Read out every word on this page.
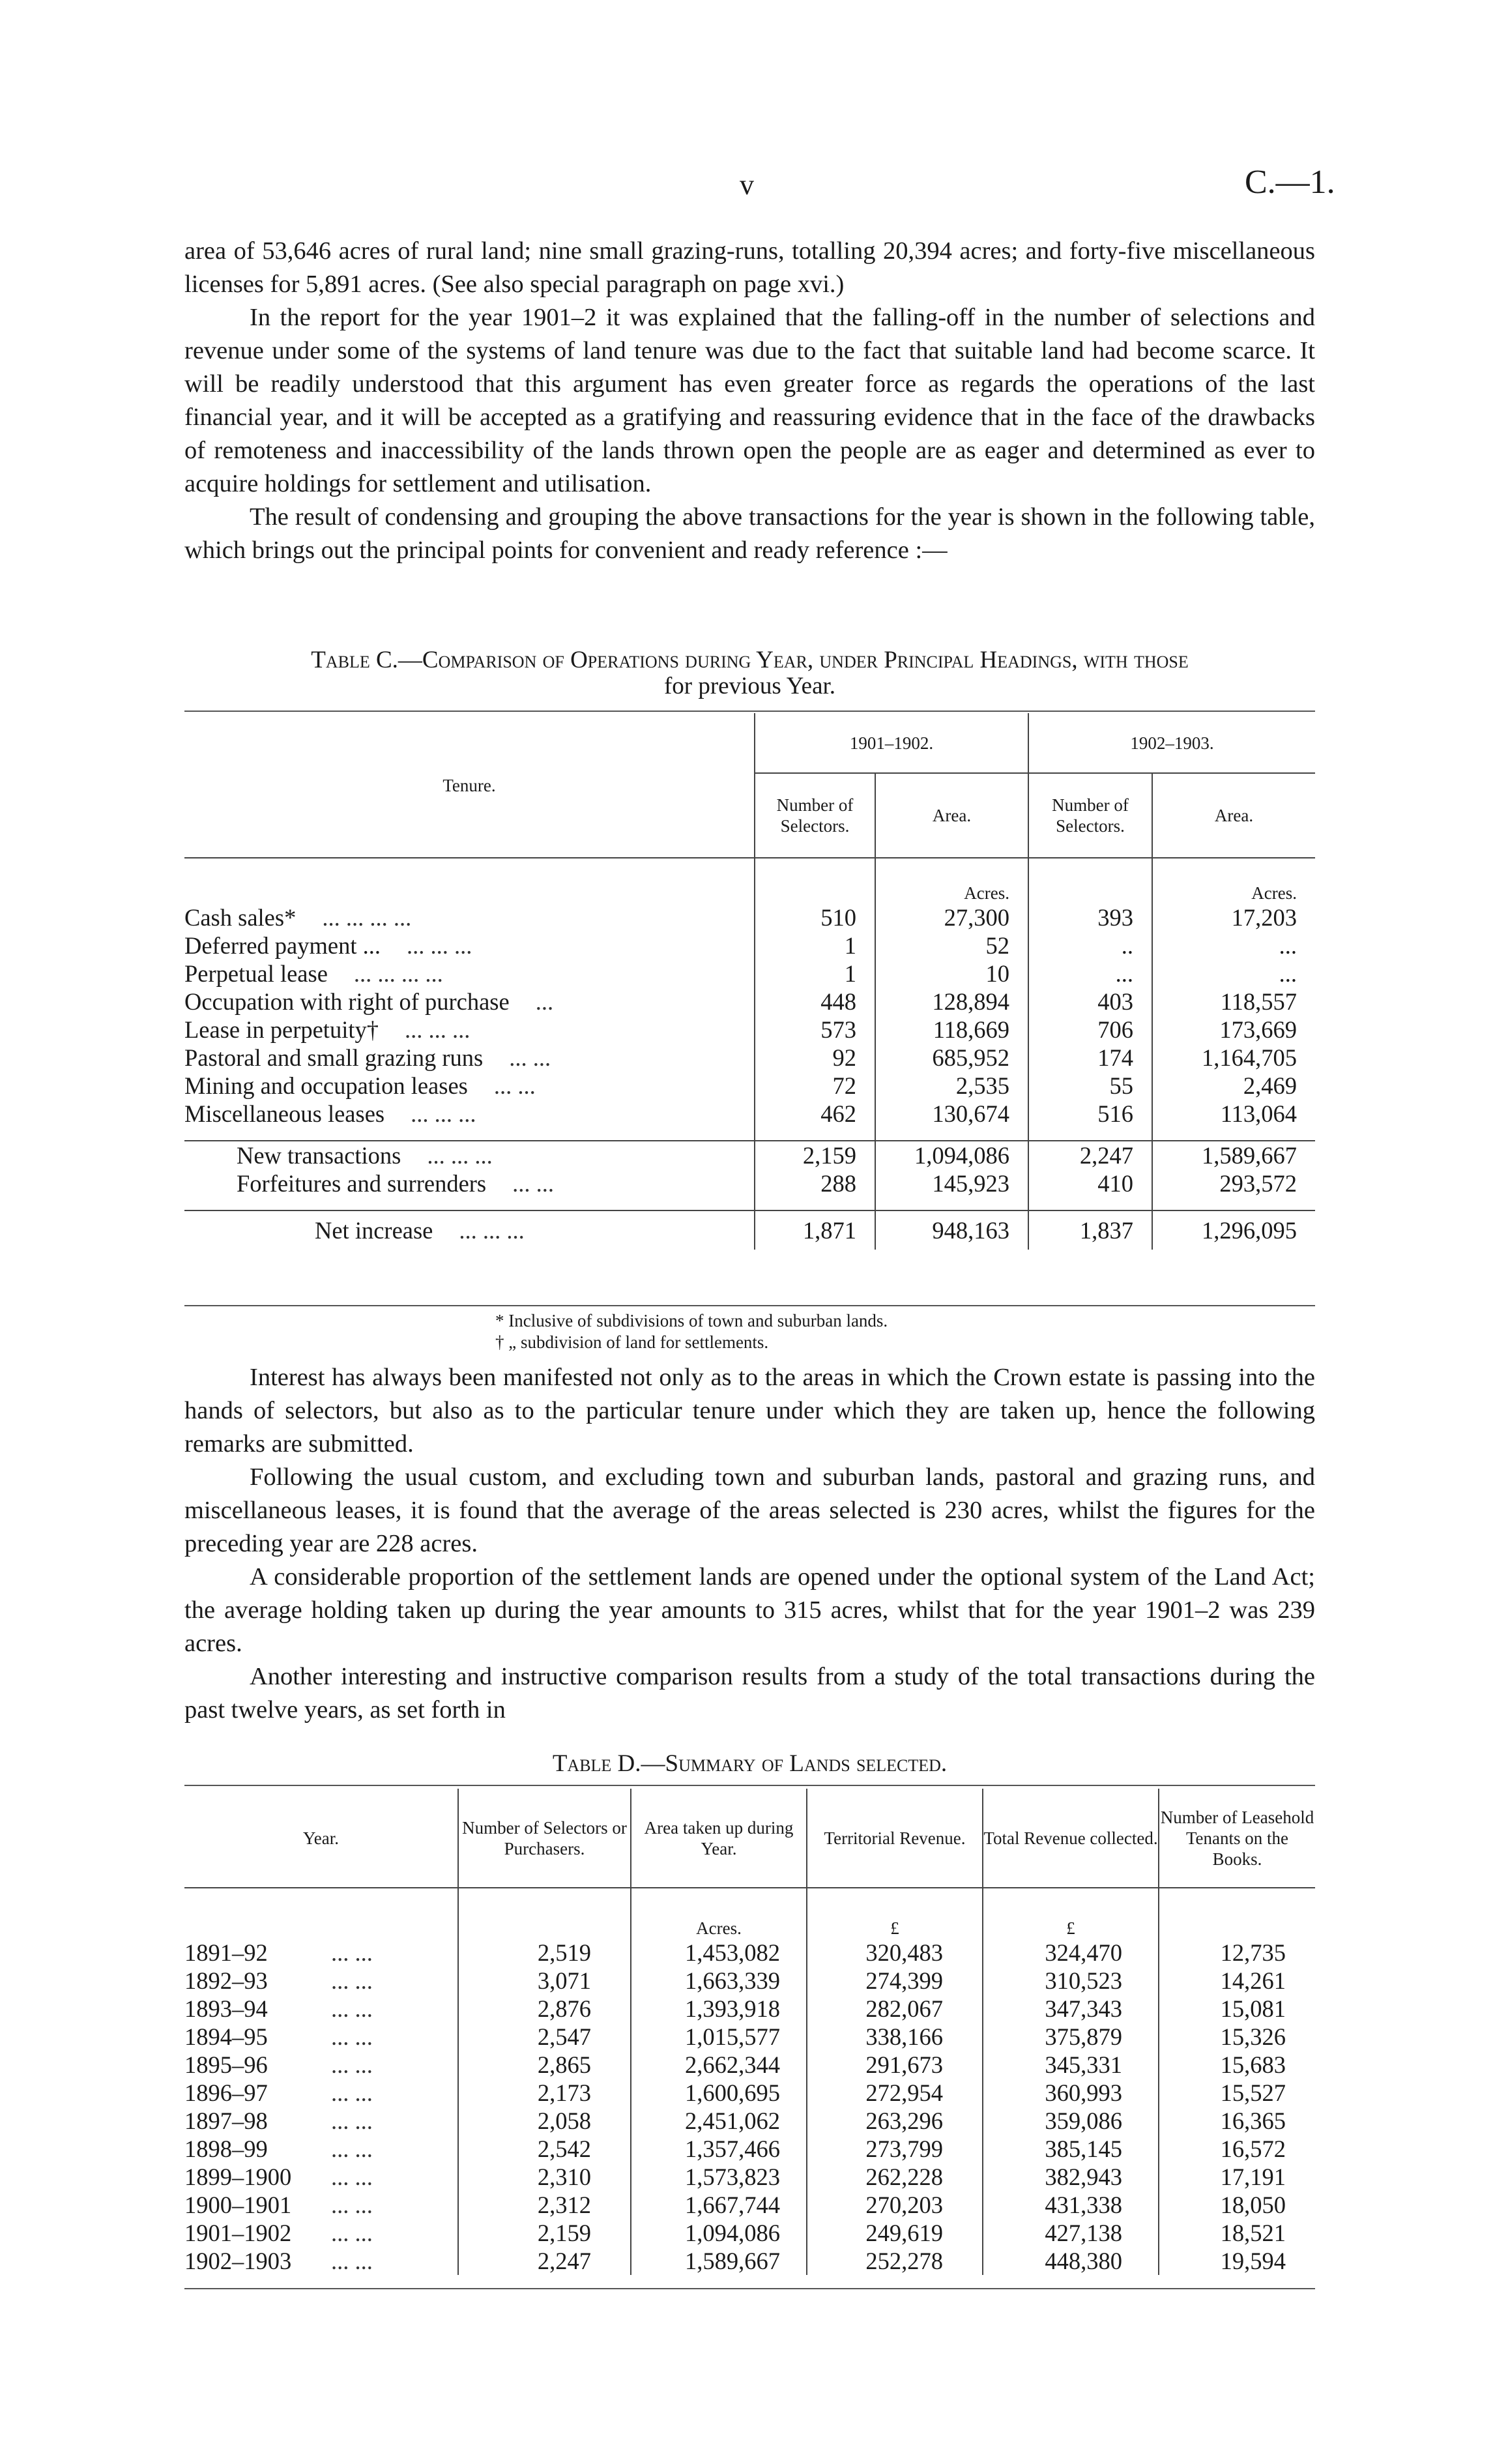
v	C.—1.

area of 53,646 acres of rural land; nine small grazing-runs, totalling 20,394 acres; and forty-five miscellaneous licenses for 5,891 acres. (See also special paragraph on page xvi.)

In the report for the year 1901–2 it was explained that the falling-off in the number of selections and revenue under some of the systems of land tenure was due to the fact that suitable land had become scarce. It will be readily understood that this argument has even greater force as regards the operations of the last financial year, and it will be accepted as a gratifying and reassuring evidence that in the face of the drawbacks of remoteness and inaccessibility of the lands thrown open the people are as eager and determined as ever to acquire holdings for settlement and utilisation.

The result of condensing and grouping the above transactions for the year is shown in the following table, which brings out the principal points for convenient and ready reference :—

Table C.—Comparison of Operations during Year, under Principal Headings, with those
for previous Year.
Tenure.	1901–1902.		1902–1903.	
	Number of Selectors.	Area.	Number of Selectors.	Area.
		Acres.		Acres.
Cash sales* ... ... ... ...	510	27,300	393	17,203
Deferred payment ... ... ... ...	1	52	..	...
Perpetual lease ... ... ... ...	1	10	...	...
Occupation with right of purchase ...	448	128,894	403	118,557
Lease in perpetuity† ... ... ...	573	118,669	706	173,669
Pastoral and small grazing runs ... ...	92	685,952	174	1,164,705
Mining and occupation leases ... ...	72	2,535	55	2,469
Miscellaneous leases ... ... ...	462	130,674	516	113,064

New transactions ... ... ...	2,159	1,094,086	2,247	1,589,667
Forfeitures and surrenders ... ...	288	145,923	410	293,572

Net increase ... ... ...	1,871	948,163	1,837	1,296,095
* Inclusive of subdivisions of town and suburban lands.
† „ subdivision of land for settlements.

Interest has always been manifested not only as to the areas in which the Crown estate is passing into the hands of selectors, but also as to the particular tenure under which they are taken up, hence the following remarks are submitted.

Following the usual custom, and excluding town and suburban lands, pastoral and grazing runs, and miscellaneous leases, it is found that the average of the areas selected is 230 acres, whilst the figures for the preceding year are 228 acres.

A considerable proportion of the settlement lands are opened under the optional system of the Land Act; the average holding taken up during the year amounts to 315 acres, whilst that for the year 1901–2 was 239 acres.

Another interesting and instructive comparison results from a study of the total transactions during the past twelve years, as set forth in

Table D.—Summary of Lands selected.
Year.	Number of Selectors or Purchasers.	Area taken up during Year.	Territorial Revenue.	Total Revenue collected.	Number of Leasehold Tenants on the Books.
		Acres.	£	£	
1891–92 ... ...	2,519	1,453,082	320,483	324,470	12,735
1892–93 ... ...	3,071	1,663,339	274,399	310,523	14,261
1893–94 ... ...	2,876	1,393,918	282,067	347,343	15,081
1894–95 ... ...	2,547	1,015,577	338,166	375,879	15,326
1895–96 ... ...	2,865	2,662,344	291,673	345,331	15,683
1896–97 ... ...	2,173	1,600,695	272,954	360,993	15,527
1897–98 ... ...	2,058	2,451,062	263,296	359,086	16,365
1898–99 ... ...	2,542	1,357,466	273,799	385,145	16,572
1899–1900 ... ...	2,310	1,573,823	262,228	382,943	17,191
1900–1901 ... ...	2,312	1,667,744	270,203	431,338	18,050
1901–1902 ... ...	2,159	1,094,086	249,619	427,138	18,521
1902–1903 ... ...	2,247	1,589,667	252,278	448,380	19,594
